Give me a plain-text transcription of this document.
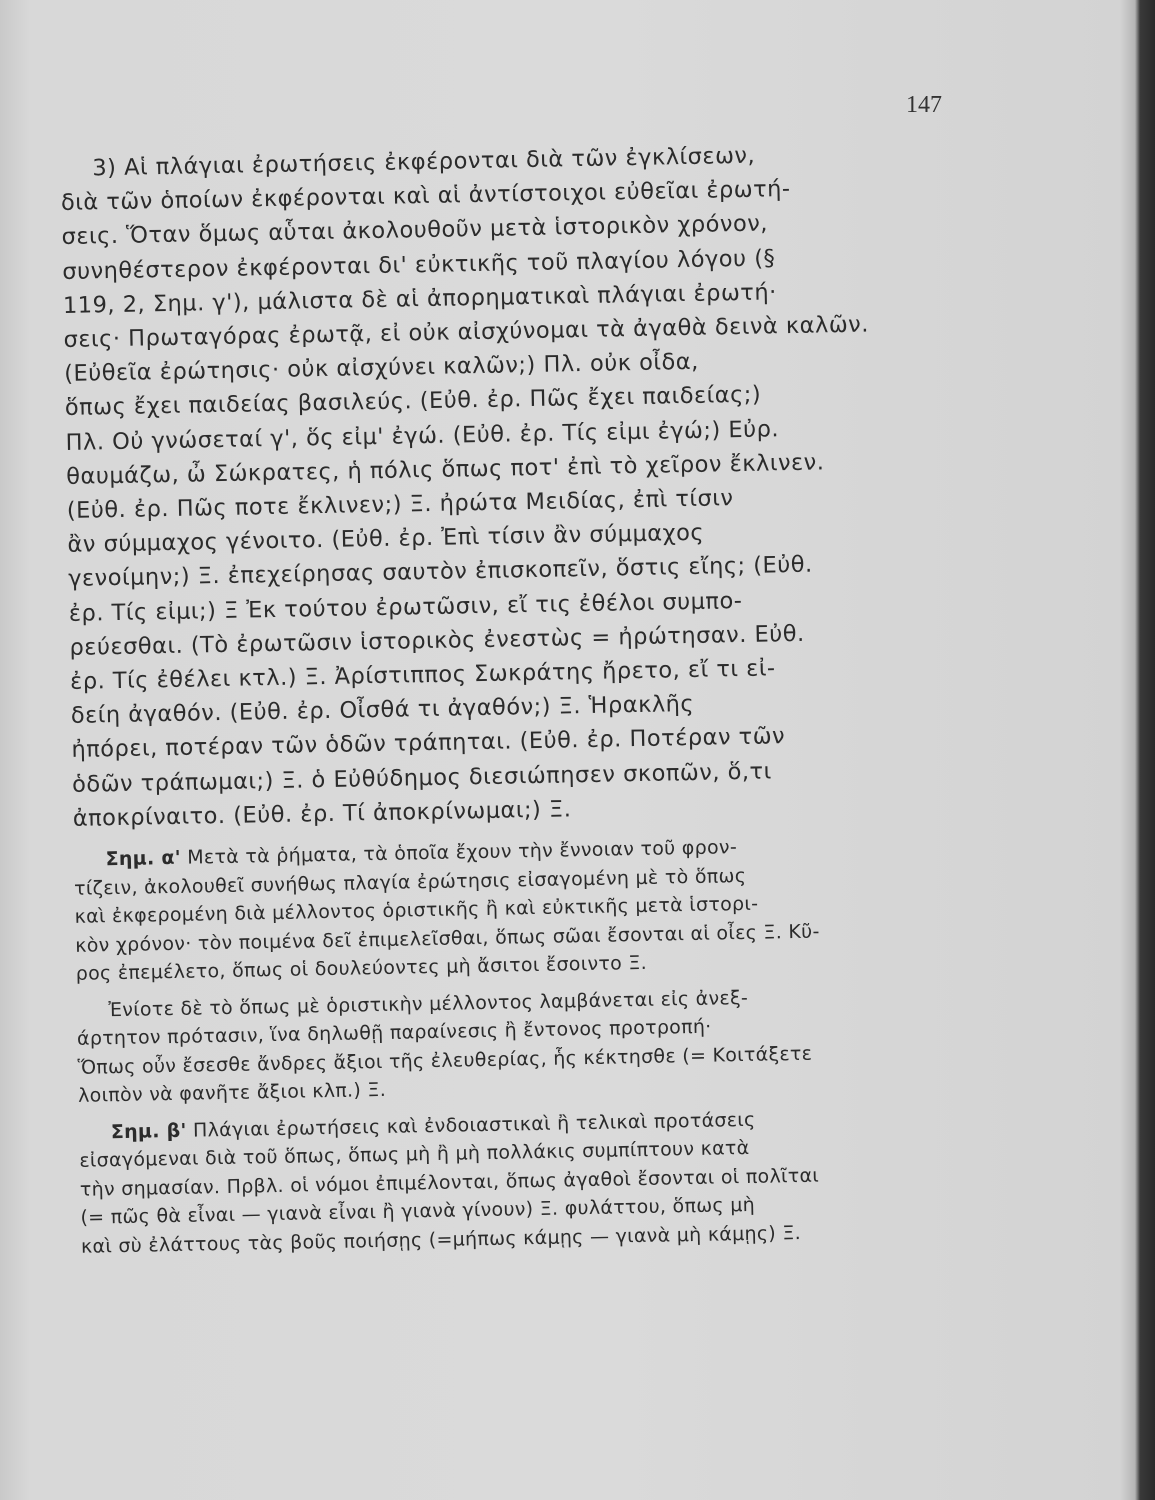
147
3) Αἱ πλάγιαι ἐρωτήσεις ἐκφέρονται διὰ τῶν ἐγκλίσεων,
διὰ τῶν ὁποίων ἐκφέρονται καὶ αἱ ἀντίστοιχοι εὐθεῖαι ἐρωτή-
σεις. Ὅταν ὅμως αὗται ἀκολουθοῦν μετὰ ἱστορικὸν χρόνον,
συνηθέστερον ἐκφέρονται δι' εὐκτικῆς τοῦ πλαγίου λόγου (§
119, 2, Σημ. γ'), μάλιστα δὲ αἱ ἀπορηματικαὶ πλάγιαι ἐρωτή·
σεις· Πρωταγόρας ἐρωτᾷ, εἰ οὐκ αἰσχύνομαι τὰ ἀγαθὰ δεινὰ καλῶν.
(Εὐθεῖα ἐρώτησις· οὐκ αἰσχύνει καλῶν;) Πλ. οὐκ οἶδα,
ὅπως ἔχει παιδείας βασιλεύς. (Εὐθ. ἐρ. Πῶς ἔχει παιδείας;)
Πλ. Οὐ γνώσεταί γ', ὅς εἰμ' ἐγώ. (Εὐθ. ἐρ. Τίς εἰμι ἐγώ;) Εὐρ.
θαυμάζω, ὦ Σώκρατες, ἡ πόλις ὅπως ποτ' ἐπὶ τὸ χεῖρον ἔκλινεν.
(Εὐθ. ἐρ. Πῶς ποτε ἔκλινεν;) Ξ. ἠρώτα Μειδίας, ἐπὶ τίσιν
ἂν σύμμαχος γένοιτο. (Εὐθ. ἐρ. Ἐπὶ τίσιν ἂν σύμμαχος
γενοίμην;) Ξ. ἐπεχείρησας σαυτὸν ἐπισκοπεῖν, ὅστις εἴης; (Εὐθ.
ἐρ. Τίς εἰμι;) Ξ Ἐκ τούτου ἐρωτῶσιν, εἴ τις ἐθέλοι συμπο-
ρεύεσθαι. (Τὸ ἐρωτῶσιν ἱστορικὸς ἐνεστὼς = ἠρώτησαν. Εὐθ.
ἐρ. Τίς ἐθέλει κτλ.) Ξ. Ἀρίστιππος Σωκράτης ἤρετο, εἴ τι εἰ-
δείη ἀγαθόν. (Εὐθ. ἐρ. Οἶσθά τι ἀγαθόν;) Ξ. Ἡρακλῆς
ἠπόρει, ποτέραν τῶν ὁδῶν τράπηται. (Εὐθ. ἐρ. Ποτέραν τῶν
ὁδῶν τράπωμαι;) Ξ. ὁ Εὐθύδημος διεσιώπησεν σκοπῶν, ὅ,τι
ἀποκρίναιτο. (Εὐθ. ἐρ. Τί ἀποκρίνωμαι;) Ξ.
Σημ. α' Μετὰ τὰ ῥήματα, τὰ ὁποῖα ἔχουν τὴν ἔννοιαν τοῦ φρον-
τίζειν, ἀκολουθεῖ συνήθως πλαγία ἐρώτησις εἰσαγομένη μὲ τὸ ὅπως
καὶ ἐκφερομένη διὰ μέλλοντος ὁριστικῆς ἢ καὶ εὐκτικῆς μετὰ ἱστορι-
κὸν χρόνον· τὸν ποιμένα δεῖ ἐπιμελεῖσθαι, ὅπως σῶαι ἔσονται αἱ οἶες Ξ. Κῦ-
ρος ἐπεμέλετο, ὅπως οἱ δουλεύοντες μὴ ἄσιτοι ἔσοιντο Ξ.
Ἐνίοτε δὲ τὸ ὅπως μὲ ὁριστικὴν μέλλοντος λαμβάνεται εἰς ἀνεξ-
άρτητον πρότασιν, ἵνα δηλωθῇ παραίνεσις ἢ ἔντονος προτροπή·
Ὅπως οὖν ἔσεσθε ἄνδρες ἄξιοι τῆς ἐλευθερίας, ἧς κέκτησθε (= Κοιτάξετε
λοιπὸν νὰ φανῆτε ἄξιοι κλπ.) Ξ.
Σημ. β' Πλάγιαι ἐρωτήσεις καὶ ἐνδοιαστικαὶ ἢ τελικαὶ προτάσεις
εἰσαγόμεναι διὰ τοῦ ὅπως, ὅπως μὴ ἢ μὴ πολλάκις συμπίπτουν κατὰ
τὴν σημασίαν. Πρβλ. οἱ νόμοι ἐπιμέλονται, ὅπως ἀγαθοὶ ἔσονται οἱ πολῖται
(= πῶς θὰ εἶναι — γιανὰ εἶναι ἢ γιανὰ γίνουν) Ξ. φυλάττου, ὅπως μὴ
καὶ σὺ ἐλάττους τὰς βοῦς ποιήσῃς (=μήπως κάμῃς — γιανὰ μὴ κάμῃς) Ξ.
